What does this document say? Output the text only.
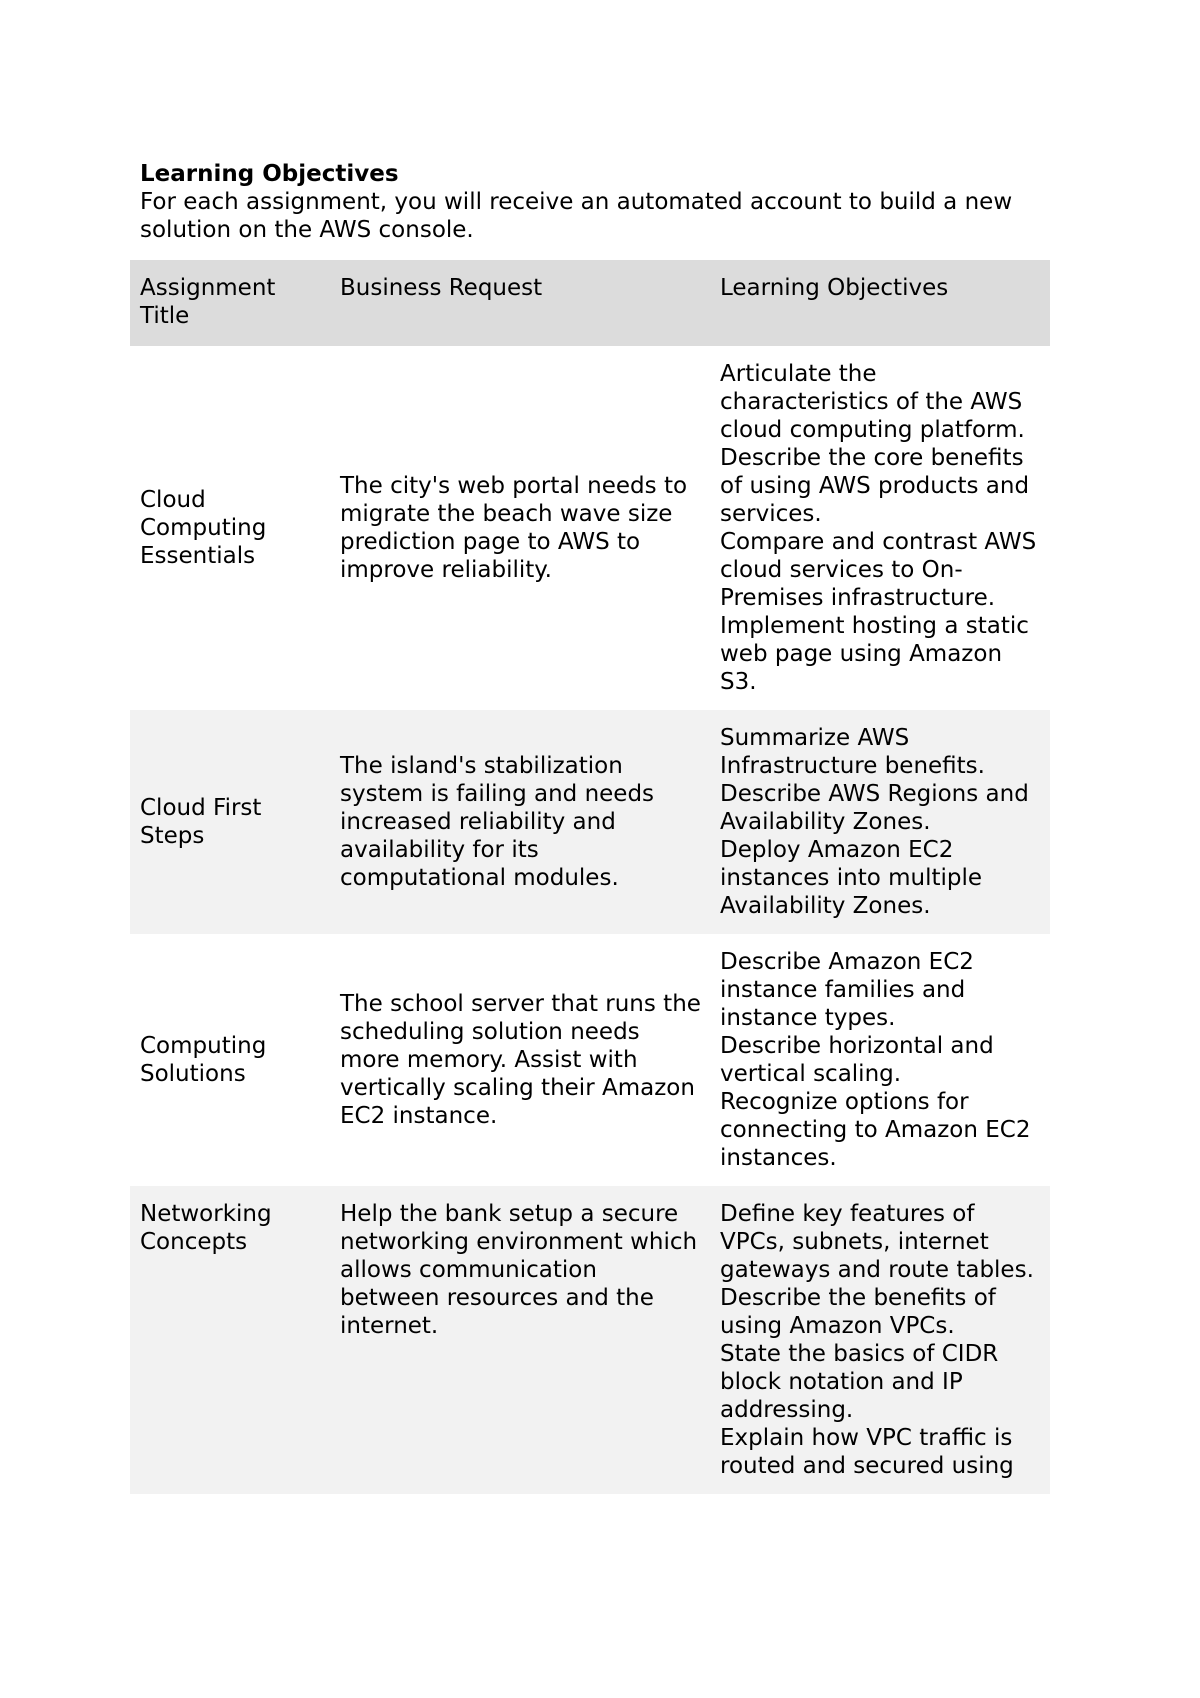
Learning Objectives
For each assignment, you will receive an automated account to build a new solution on the AWS console.
Assignment Title	Business Request	Learning Objectives
Cloud Computing Essentials	The city's web portal needs to migrate the beach wave size prediction page to AWS to improve reliability.	Articulate the characteristics of the AWS cloud computing platform.
Describe the core benefits of using AWS products and services.
Compare and contrast AWS cloud services to On-Premises infrastructure.
Implement hosting a static web page using Amazon S3.

Cloud First Steps	The island's stabilization system is failing and needs increased reliability and availability for its computational modules.	Summarize AWS Infrastructure benefits.
Describe AWS Regions and Availability Zones.
Deploy Amazon EC2 instances into multiple Availability Zones.

Computing Solutions	The school server that runs the scheduling solution needs more memory. Assist with vertically scaling their Amazon EC2 instance.	Describe Amazon EC2 instance families and instance types.
Describe horizontal and vertical scaling.
Recognize options for connecting to Amazon EC2 instances.

Networking Concepts	Help the bank setup a secure networking environment which allows communication between resources and the internet.	Define key features of VPCs, subnets, internet gateways and route tables.
Describe the benefits of using Amazon VPCs.
State the basics of CIDR block notation and IP addressing.
Explain how VPC traffic is routed and secured using
